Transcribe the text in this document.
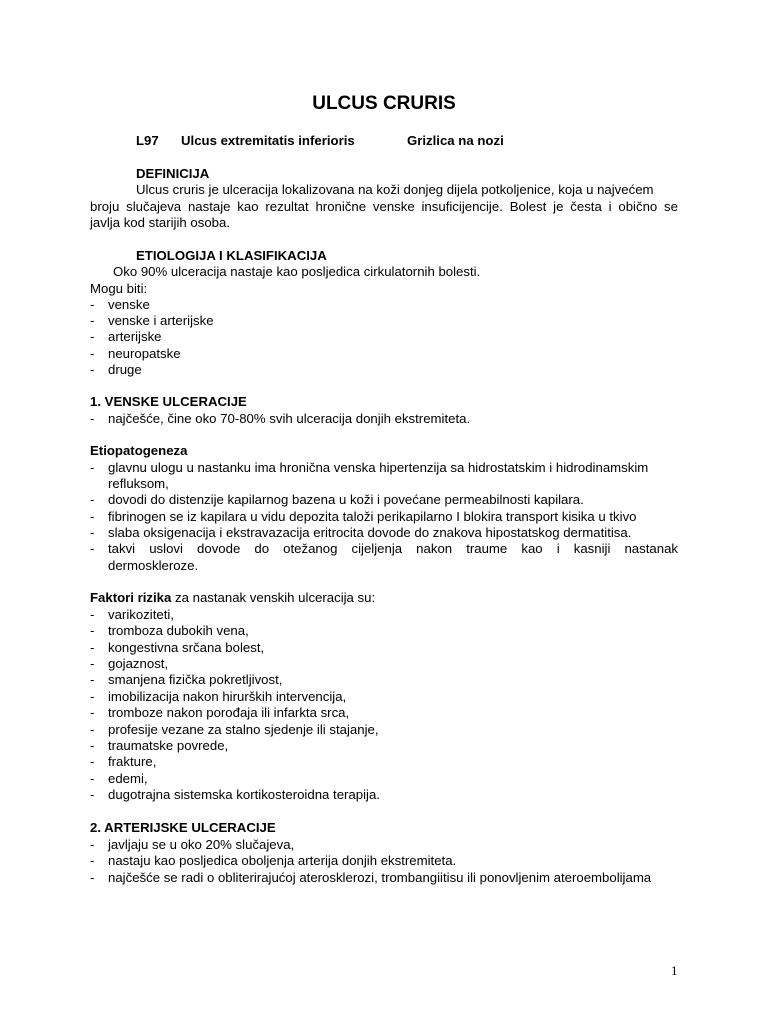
ULCUS CRURIS
L97 Ulcus extremitatis inferioris	Grizlica na nozi
DEFINICIJA
Ulcus cruris je ulceracija lokalizovana na koži donjeg dijela potkoljenice, koja u najvećem
broju slučajeva nastaje kao rezultat hronične venske insuficijencije. Bolest je česta i obično se
javlja kod starijih osoba.
ETIOLOGIJA I KLASIFIKACIJA
Oko 90% ulceracija nastaje kao posljedica cirkulatornih bolesti.
Mogu biti:
- venske
- venske i arterijske
- arterijske
- neuropatske
- druge
1. VENSKE ULCERACIJE
- najčešće, čine oko 70-80% svih ulceracija donjih ekstremiteta.
Etiopatogeneza
- glavnu ulogu u nastanku ima hronična venska hipertenzija sa hidrostatskim i hidrodinamskim
refluksom,
- dovodi do distenzije kapilarnog bazena u koži i povećane permeabilnosti kapilara.
- fibrinogen se iz kapilara u vidu depozita taloži perikapilarno I blokira transport kisika u tkivo
- slaba oksigenacija i ekstravazacija eritrocita dovode do znakova hipostatskog dermatitisa.
- takvi uslovi dovode do otežanog cijeljenja nakon traume kao i kasniji nastanak
dermoskleroze.
Faktori rizika za nastanak venskih ulceracija su:
- varikoziteti,
- tromboza dubokih vena,
- kongestivna srčana bolest,
- gojaznost,
- smanjena fizička pokretljivost,
- imobilizacija nakon hirurških intervencija,
- tromboze nakon porođaja ili infarkta srca,
- profesije vezane za stalno sjedenje ili stajanje,
- traumatske povrede,
- frakture,
- edemi,
- dugotrajna sistemska kortikosteroidna terapija.
2. ARTERIJSKE ULCERACIJE
- javljaju se u oko 20% slučajeva,
- nastaju kao posljedica oboljenja arterija donjih ekstremiteta.
- najčešće se radi o obliterirajućoj aterosklerozi, trombangiitisu ili ponovljenim ateroembolijama
1
